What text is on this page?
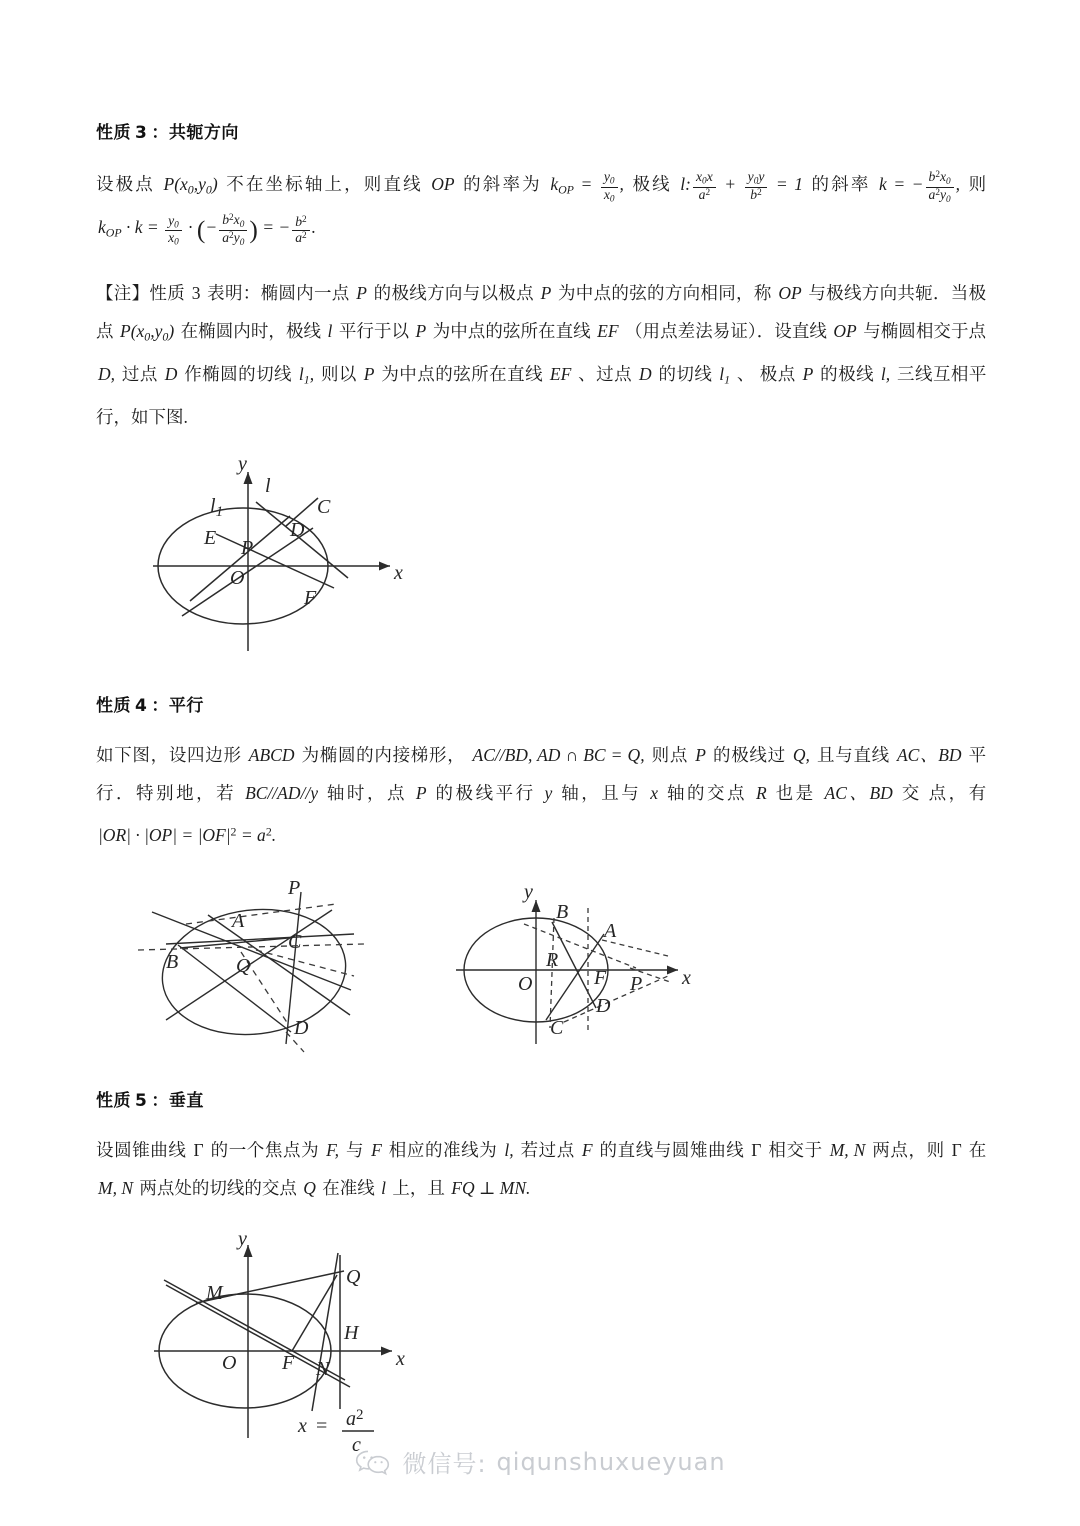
性质 3 ：共轭方向
设极点 $P(x_0,y_0)$ 不在坐标轴上，则直线 OP 的斜率为 $k_{OP} = \frac{y_0}{x_0}$ , 极线 l: $\frac{x_0x}{a^2} + \frac{y_0y}{b^2} = 1$ 的斜率 k = − $\frac{b^2x_0}{a^2y_0}$ , 则 $k_{OP} \cdot k = \frac{y_0}{x_0}$ · (− $\frac{b^2x_0}{a^2y_0}$ ) = − $\frac{b^2}{a^2}$ .
【注】性质 3 表明：椭圆内一点 P 的极线方向与以极点 P 为中点的弦的方向相同，称 OP 与极线方向共轭．当极点 $P(x_0,y_0)$ 在椭圆内时，极线 l 平行于以 P 为中点的弦所在直线 EF （用点差法易证）．设直线 OP 与椭圆相交于点 D, 过点 D 作椭圆的切线 $l_1$, 则以 P 为中点的弦所在直线 EF 、过点 D 的切线 $l_1$ 、 极点 P 的极线 l, 三线互相平行，如下图.
y
x
l
$l_1$
E P
D
C
F
O
性质 4 ：平行
如下图，设四边形 ABCD 为椭圆的内接梯形， AC//BD, AD ∩ BC = Q, 则点 P 的极线过 Q, 且与直线 AC、BD 平行．特别地，若 BC//AD//y 轴时，点 P 的极线平行 y 轴，且与 x 轴的交点 R 也是 AC、BD 交 点，有 $|OR| \cdot |OP| = |OF|^2 = a^2$.
P
A
C
B	Q
D
y
x
B
A
O
R
F P
C
D
性质 5 ：垂直
设圆锥曲线 Γ 的一个焦点为 F, 与 F 相应的准线为 l, 若过点 F 的直线与圆雉曲线 Γ 相交于 M, N 两点，则 Γ 在 M, N 两点处的切线的交点 Q 在准线 l 上，且 FQ ⊥ MN.
y
x
M
Q
H
O F N
$x = a^2$
c
微信号: qiqunshuxueyuan
